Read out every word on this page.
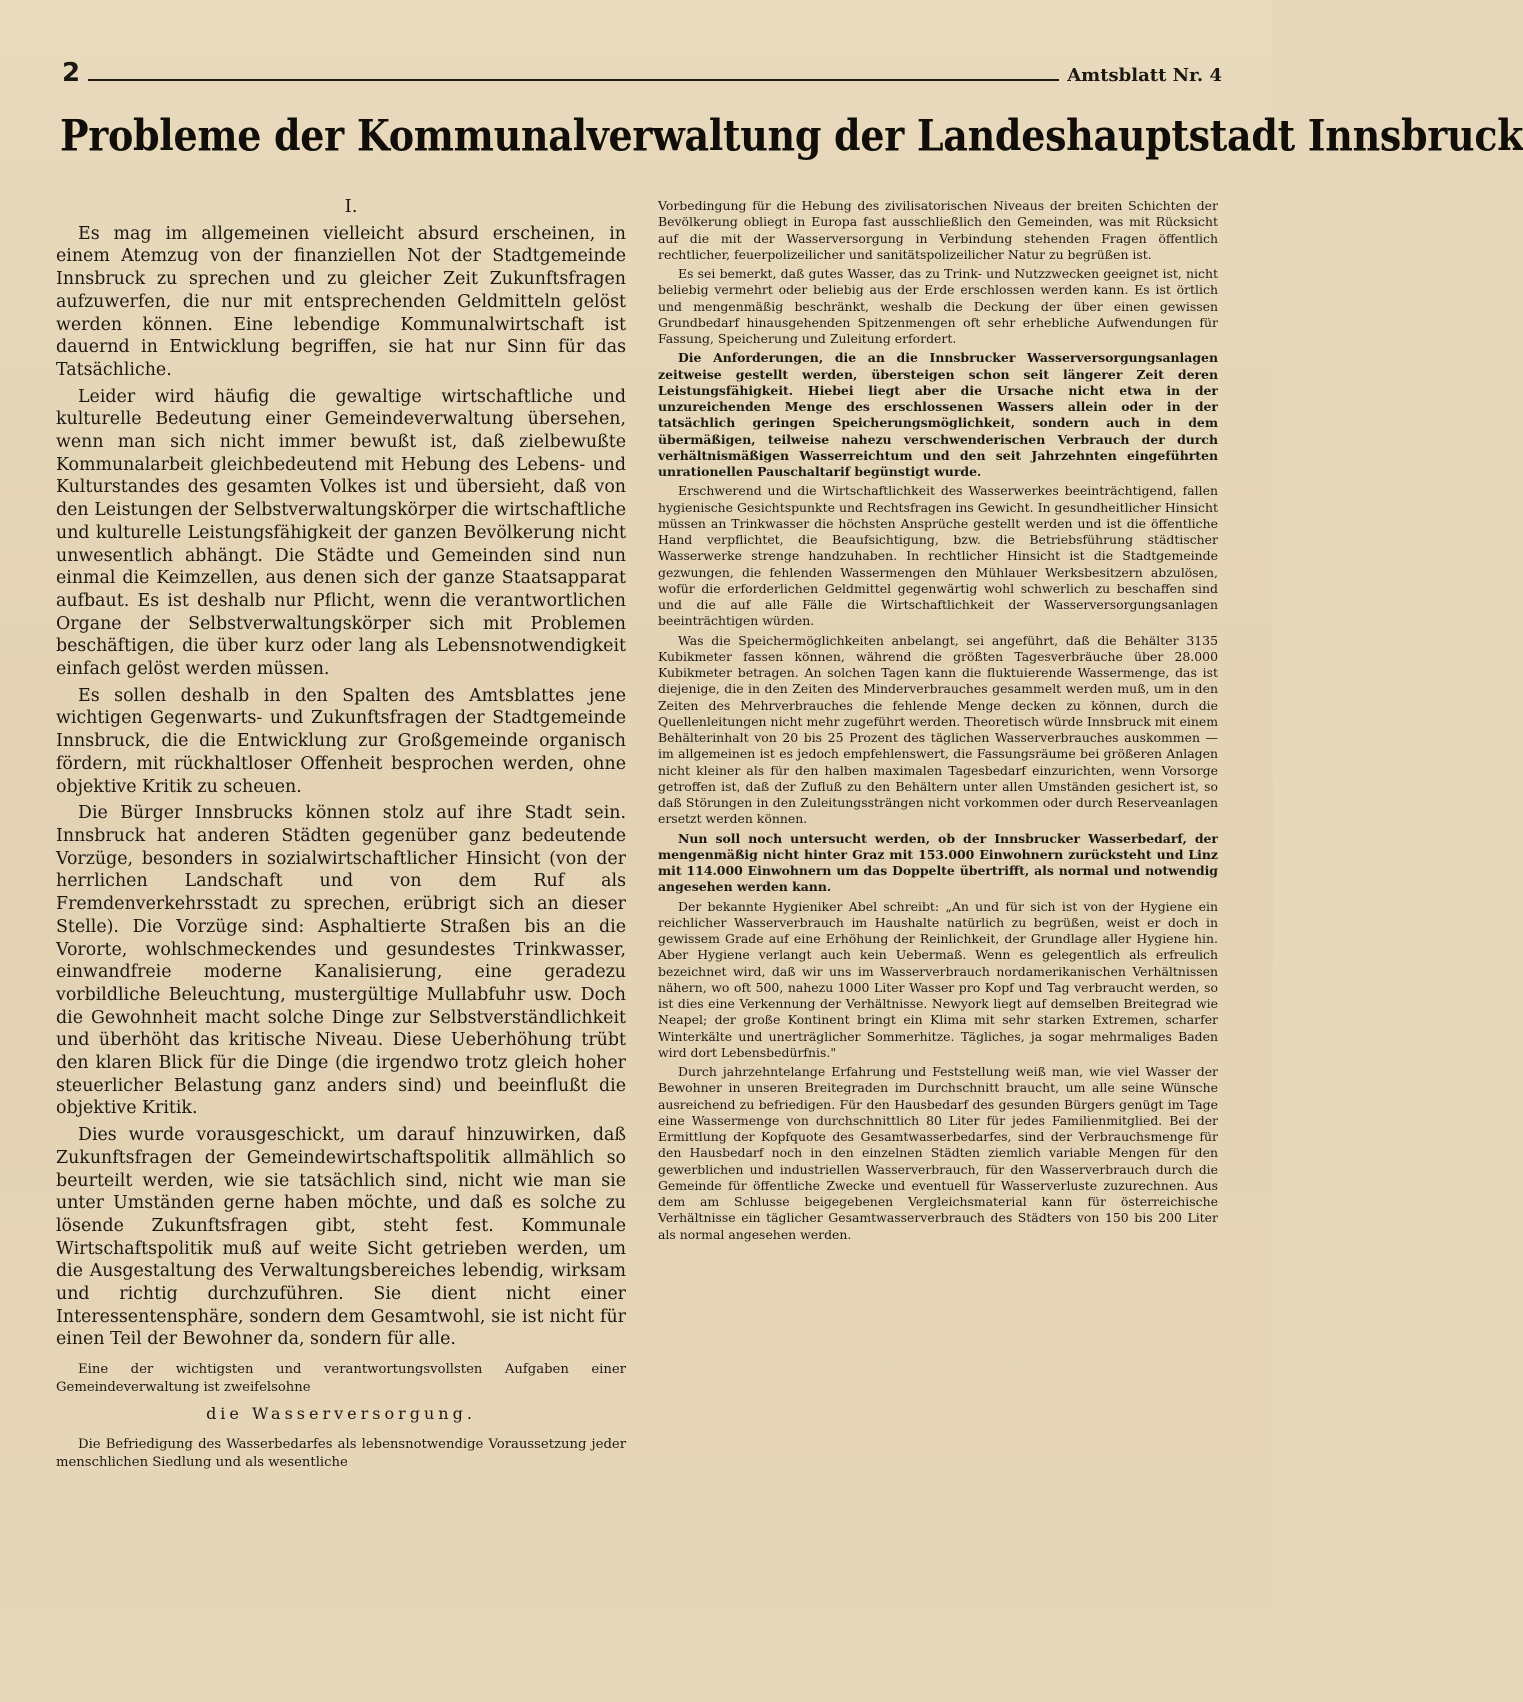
2	Amtsblatt Nr. 4
Probleme der Kommunalverwaltung der Landeshauptstadt Innsbruck
I.

Es mag im allgemeinen vielleicht absurd erscheinen, in einem Atemzug von der finanziellen Not der Stadtgemeinde Innsbruck zu sprechen und zu gleicher Zeit Zukunftsfragen aufzuwerfen, die nur mit entsprechenden Geldmitteln gelöst werden können. Eine lebendige Kommunalwirtschaft ist dauernd in Entwicklung begriffen, sie hat nur Sinn für das Tatsächliche.

Leider wird häufig die gewaltige wirtschaftliche und kulturelle Bedeutung einer Gemeindeverwaltung übersehen, wenn man sich nicht immer bewußt ist, daß zielbewußte Kommunalarbeit gleichbedeutend mit Hebung des Lebens- und Kulturstandes des gesamten Volkes ist und übersieht, daß von den Leistungen der Selbstverwaltungskörper die wirtschaftliche und kulturelle Leistungsfähigkeit der ganzen Bevölkerung nicht unwesentlich abhängt. Die Städte und Gemeinden sind nun einmal die Keimzellen, aus denen sich der ganze Staatsapparat aufbaut. Es ist deshalb nur Pflicht, wenn die verantwortlichen Organe der Selbstverwaltungskörper sich mit Problemen beschäftigen, die über kurz oder lang als Lebensnotwendigkeit einfach gelöst werden müssen.

Es sollen deshalb in den Spalten des Amtsblattes jene wichtigen Gegenwarts- und Zukunftsfragen der Stadtgemeinde Innsbruck, die die Entwicklung zur Großgemeinde organisch fördern, mit rückhaltloser Offenheit besprochen werden, ohne objektive Kritik zu scheuen.

Die Bürger Innsbrucks können stolz auf ihre Stadt sein. Innsbruck hat anderen Städten gegenüber ganz bedeutende Vorzüge, besonders in sozialwirtschaftlicher Hinsicht (von der herrlichen Landschaft und von dem Ruf als Fremdenverkehrsstadt zu sprechen, erübrigt sich an dieser Stelle). Die Vorzüge sind: Asphaltierte Straßen bis an die Vororte, wohlschmeckendes und gesundestes Trinkwasser, einwandfreie moderne Kanalisierung, eine geradezu vorbildliche Beleuchtung, mustergültige Mullabfuhr usw. Doch die Gewohnheit macht solche Dinge zur Selbstverständlichkeit und überhöht das kritische Niveau. Diese Ueberhöhung trübt den klaren Blick für die Dinge (die irgendwo trotz gleich hoher steuerlicher Belastung ganz anders sind) und beeinflußt die objektive Kritik.

Dies wurde vorausgeschickt, um darauf hinzuwirken, daß Zukunftsfragen der Gemeindewirtschaftspolitik allmählich so beurteilt werden, wie sie tatsächlich sind, nicht wie man sie unter Umständen gerne haben möchte, und daß es solche zu lösende Zukunftsfragen gibt, steht fest. Kommunale Wirtschaftspolitik muß auf weite Sicht getrieben werden, um die Ausgestaltung des Verwaltungsbereiches lebendig, wirksam und richtig durchzuführen. Sie dient nicht einer Interessentensphäre, sondern dem Gesamtwohl, sie ist nicht für einen Teil der Bewohner da, sondern für alle.

Eine der wichtigsten und verantwortungsvollsten Aufgaben einer Gemeindeverwaltung ist zweifelsohne

die Wasserversorgung.

Die Befriedigung des Wasserbedarfes als lebensnotwendige Voraussetzung jeder menschlichen Siedlung und als wesentliche

Vorbedingung für die Hebung des zivilisatorischen Niveaus der breiten Schichten der Bevölkerung obliegt in Europa fast ausschließlich den Gemeinden, was mit Rücksicht auf die mit der Wasserversorgung in Verbindung stehenden Fragen öffentlich rechtlicher, feuerpolizeilicher und sanitätspolizeilicher Natur zu begrüßen ist.

Es sei bemerkt, daß gutes Wasser, das zu Trink- und Nutzzwecken geeignet ist, nicht beliebig vermehrt oder beliebig aus der Erde erschlossen werden kann. Es ist örtlich und mengenmäßig beschränkt, weshalb die Deckung der über einen gewissen Grundbedarf hinausgehenden Spitzenmengen oft sehr erhebliche Aufwendungen für Fassung, Speicherung und Zuleitung erfordert.

Die Anforderungen, die an die Innsbrucker Wasserversorgungsanlagen zeitweise gestellt werden, übersteigen schon seit längerer Zeit deren Leistungsfähigkeit. Hiebei liegt aber die Ursache nicht etwa in der unzureichenden Menge des erschlossenen Wassers allein oder in der tatsächlich geringen Speicherungsmöglichkeit, sondern auch in dem übermäßigen, teilweise nahezu verschwenderischen Verbrauch der durch verhältnismäßigen Wasserreichtum und den seit Jahrzehnten eingeführten unrationellen Pauschaltarif begünstigt wurde.

Erschwerend und die Wirtschaftlichkeit des Wasserwerkes beeinträchtigend, fallen hygienische Gesichtspunkte und Rechtsfragen ins Gewicht. In gesundheitlicher Hinsicht müssen an Trinkwasser die höchsten Ansprüche gestellt werden und ist die öffentliche Hand verpflichtet, die Beaufsichtigung, bzw. die Betriebsführung städtischer Wasserwerke strenge handzuhaben. In rechtlicher Hinsicht ist die Stadtgemeinde gezwungen, die fehlenden Wassermengen den Mühlauer Werksbesitzern abzulösen, wofür die erforderlichen Geldmittel gegenwärtig wohl schwerlich zu beschaffen sind und die auf alle Fälle die Wirtschaftlichkeit der Wasserversorgungsanlagen beeinträchtigen würden.

Was die Speichermöglichkeiten anbelangt, sei angeführt, daß die Behälter 3135 Kubikmeter fassen können, während die größten Tagesverbräuche über 28.000 Kubikmeter betragen. An solchen Tagen kann die fluktuierende Wassermenge, das ist diejenige, die in den Zeiten des Minderverbrauches gesammelt werden muß, um in den Zeiten des Mehrverbrauches die fehlende Menge decken zu können, durch die Quellenleitungen nicht mehr zugeführt werden. Theoretisch würde Innsbruck mit einem Behälterinhalt von 20 bis 25 Prozent des täglichen Wasserverbrauches auskommen — im allgemeinen ist es jedoch empfehlenswert, die Fassungsräume bei größeren Anlagen nicht kleiner als für den halben maximalen Tagesbedarf einzurichten, wenn Vorsorge getroffen ist, daß der Zufluß zu den Behältern unter allen Umständen gesichert ist, so daß Störungen in den Zuleitungssträngen nicht vorkommen oder durch Reserveanlagen ersetzt werden können.

Nun soll noch untersucht werden, ob der Innsbrucker Wasserbedarf, der mengenmäßig nicht hinter Graz mit 153.000 Einwohnern zurücksteht und Linz mit 114.000 Einwohnern um das Doppelte übertrifft, als normal und notwendig angesehen werden kann.

Der bekannte Hygieniker Abel schreibt: „An und für sich ist von der Hygiene ein reichlicher Wasserverbrauch im Haushalte natürlich zu begrüßen, weist er doch in gewissem Grade auf eine Erhöhung der Reinlichkeit, der Grundlage aller Hygiene hin. Aber Hygiene verlangt auch kein Uebermaß. Wenn es gelegentlich als erfreulich bezeichnet wird, daß wir uns im Wasserverbrauch nordamerikanischen Verhältnissen nähern, wo oft 500, nahezu 1000 Liter Wasser pro Kopf und Tag verbraucht werden, so ist dies eine Verkennung der Verhältnisse. Newyork liegt auf demselben Breitegrad wie Neapel; der große Kontinent bringt ein Klima mit sehr starken Extremen, scharfer Winterkälte und unerträglicher Sommerhitze. Tägliches, ja sogar mehrmaliges Baden wird dort Lebensbedürfnis."

Durch jahrzehntelange Erfahrung und Feststellung weiß man, wie viel Wasser der Bewohner in unseren Breitegraden im Durchschnitt braucht, um alle seine Wünsche ausreichend zu befriedigen. Für den Hausbedarf des gesunden Bürgers genügt im Tage eine Wassermenge von durchschnittlich 80 Liter für jedes Familienmitglied. Bei der Ermittlung der Kopfquote des Gesamtwasserbedarfes, sind der Verbrauchsmenge für den Hausbedarf noch in den einzelnen Städten ziemlich variable Mengen für den gewerblichen und industriellen Wasserverbrauch, für den Wasserverbrauch durch die Gemeinde für öffentliche Zwecke und eventuell für Wasserverluste zuzurechnen. Aus dem am Schlusse beigegebenen Vergleichsmaterial kann für österreichische Verhältnisse ein täglicher Gesamtwasserverbrauch des Städters von 150 bis 200 Liter als normal angesehen werden.
